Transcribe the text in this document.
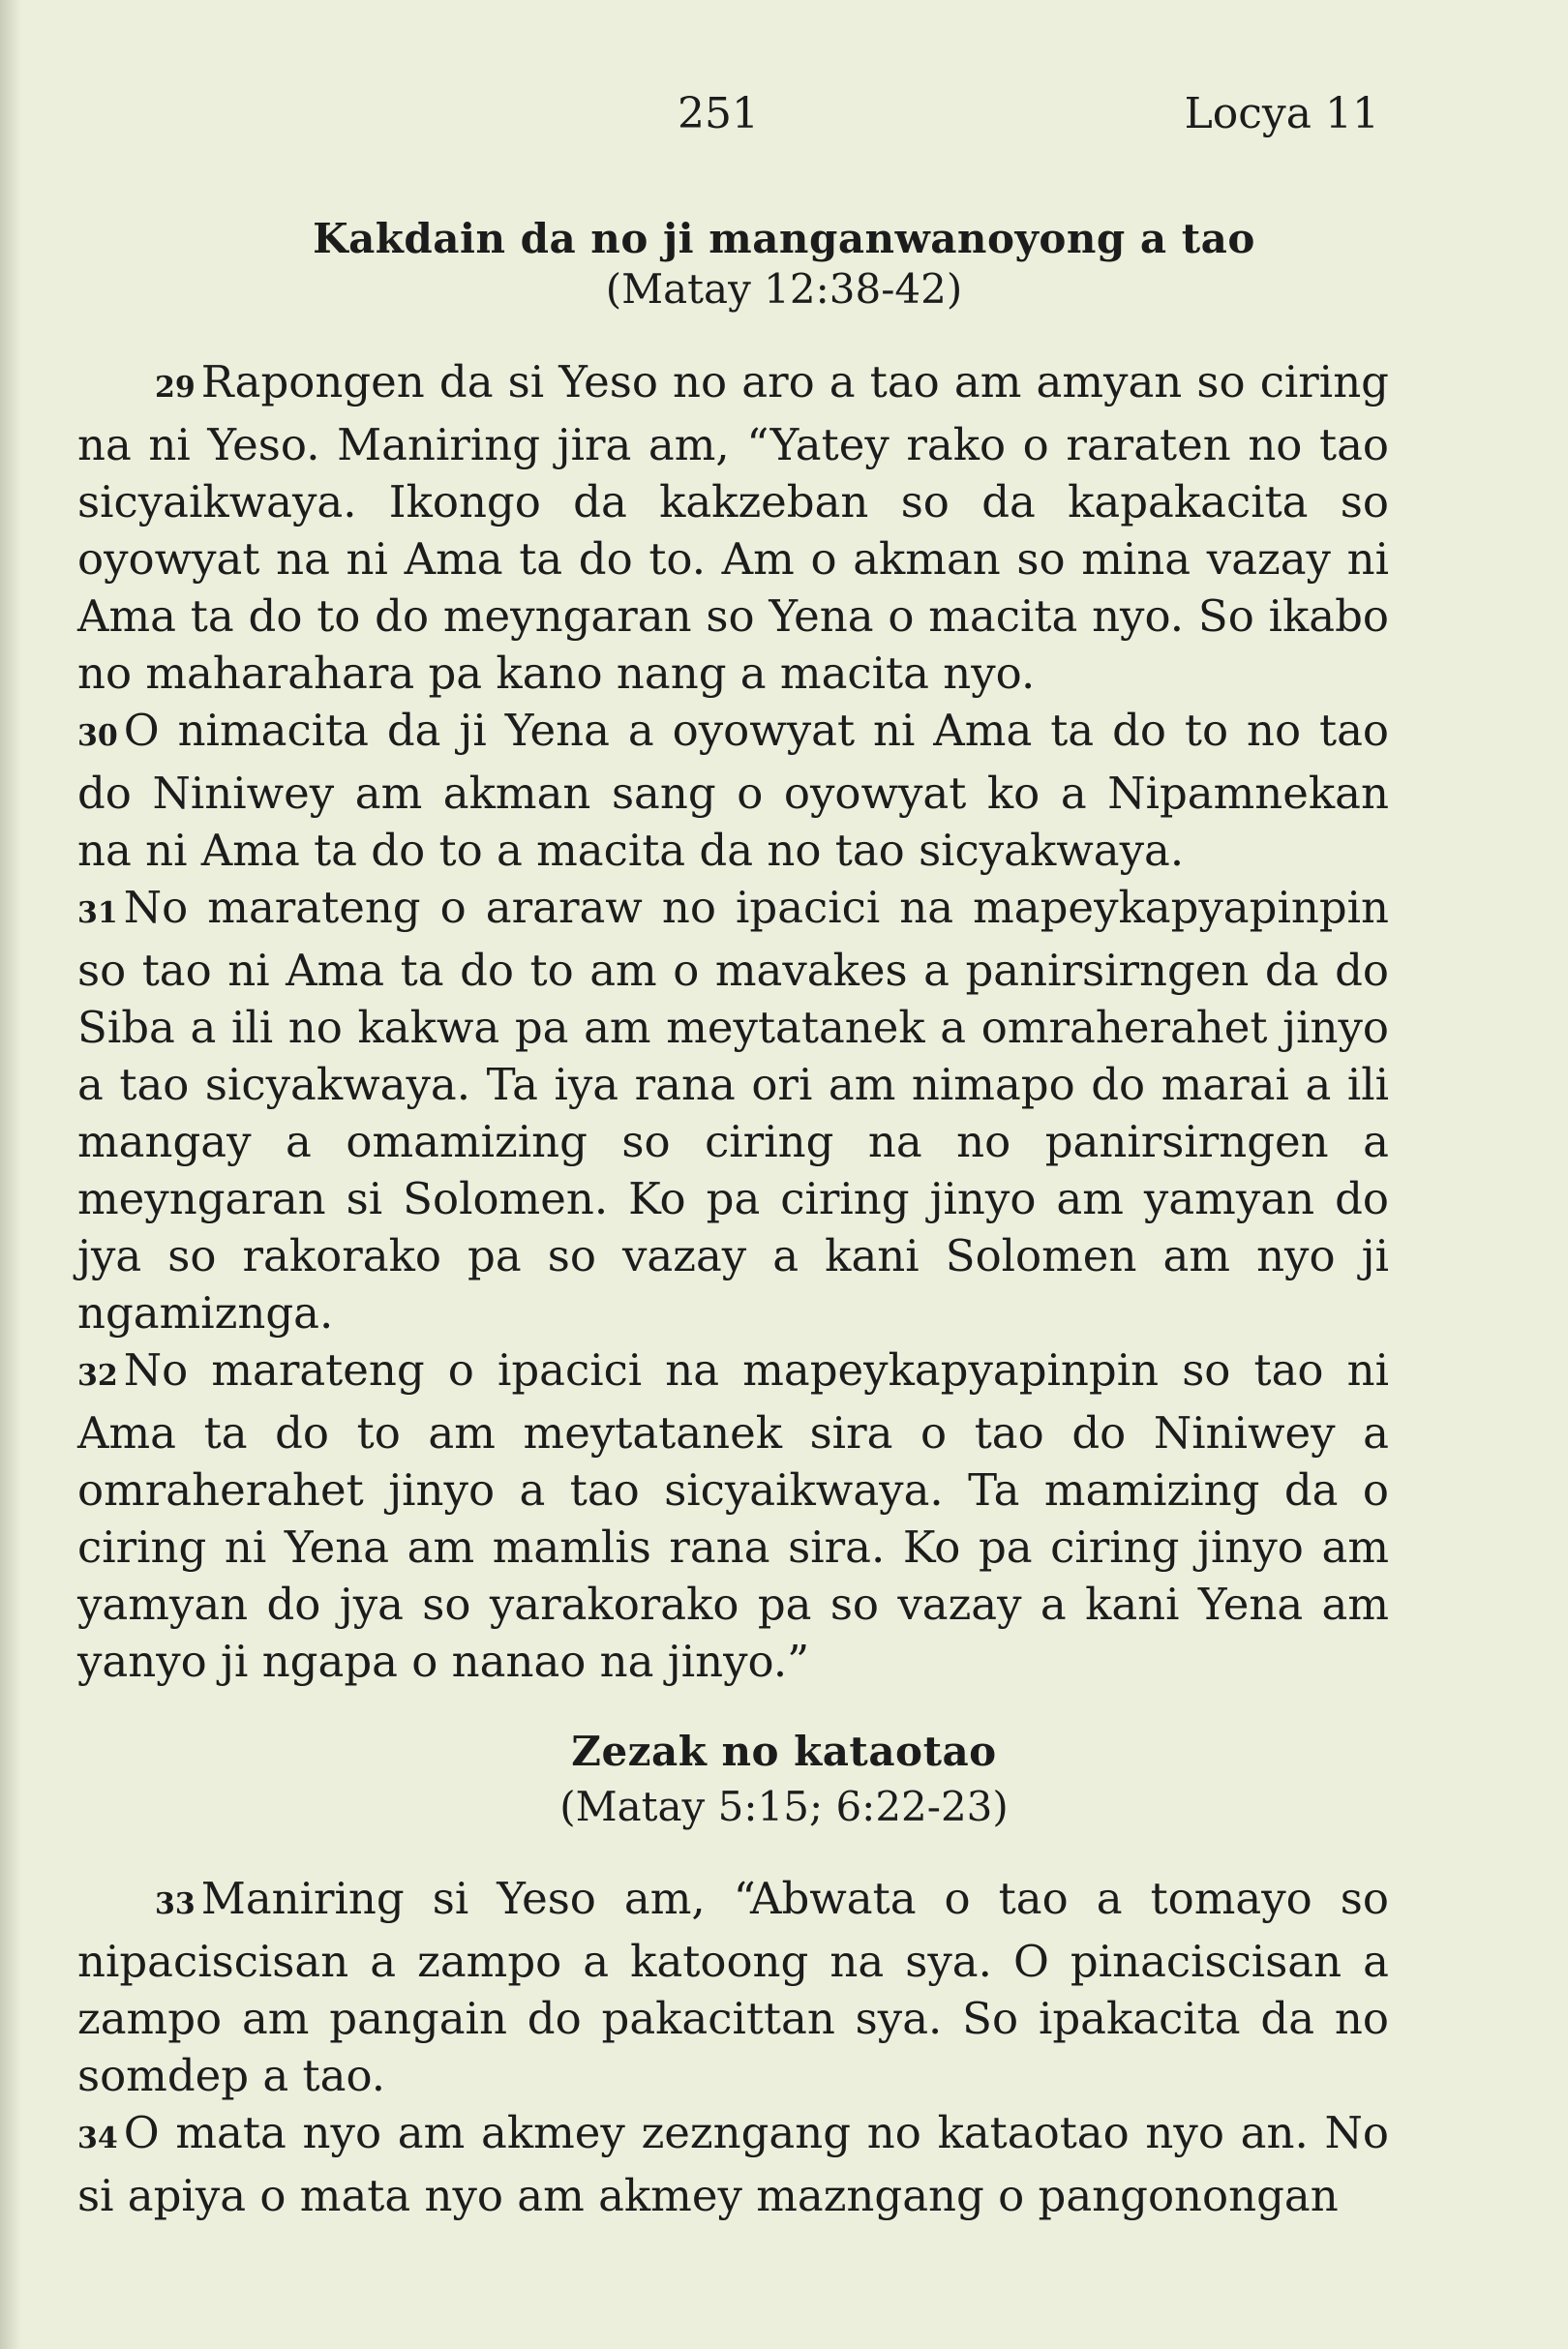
251	Locya 11
Kakdain da no ji manganwanoyong a tao
(Matay 12:38-42)

29 Rapongen da si Yeso no aro a tao am amyan so ciring na ni Yeso. Maniring jira am, “Yatey rako o raraten no tao sicyaikwaya. Ikongo da kakzeban so da kapakacita so oyowyat na ni Ama ta do to. Am o akman so mina vazay ni Ama ta do to do meyngaran so Yena o macita nyo. So ikabo no maharahara pa kano nang a macita nyo.

30 O nimacita da ji Yena a oyowyat ni Ama ta do to no tao do Niniwey am akman sang o oyowyat ko a Nipamnekan na ni Ama ta do to a macita da no tao sicyakwaya.

31 No marateng o araraw no ipacici na mapeykapyapinpin so tao ni Ama ta do to am o mavakes a panirsirngen da do Siba a ili no kakwa pa am meytatanek a omraherahet jinyo a tao sicyakwaya. Ta iya rana ori am nimapo do marai a ili mangay a omamizing so ciring na no panirsirngen a meyngaran si Solomen. Ko pa ciring jinyo am yamyan do jya so rakorako pa so vazay a kani Solomen am nyo ji ngamizngа.

32 No marateng o ipacici na mapeykapyapinpin so tao ni Ama ta do to am meytatanek sira o tao do Niniwey a omraherahet jinyo a tao sicyaikwaya. Ta mamizing da o ciring ni Yena am mamlis rana sira. Ko pa ciring jinyo am yamyan do jya so yarakorako pa so vazay a kani Yena am yanyo ji ngapa o nanao na jinyo.”

Zezak no kataotao
(Matay 5:15; 6:22-23)

33 Maniring si Yeso am, “Abwata o tao a tomayo so nipaciscisan a zampo a katoong na sya. O pinaciscisan a zampo am pangain do pakacittan sya. So ipakacita da no somdep a tao.

34 O mata nyo am akmey zezngang no kataotao nyo an. No si apiya o mata nyo am akmey mazngang o pangonongan
